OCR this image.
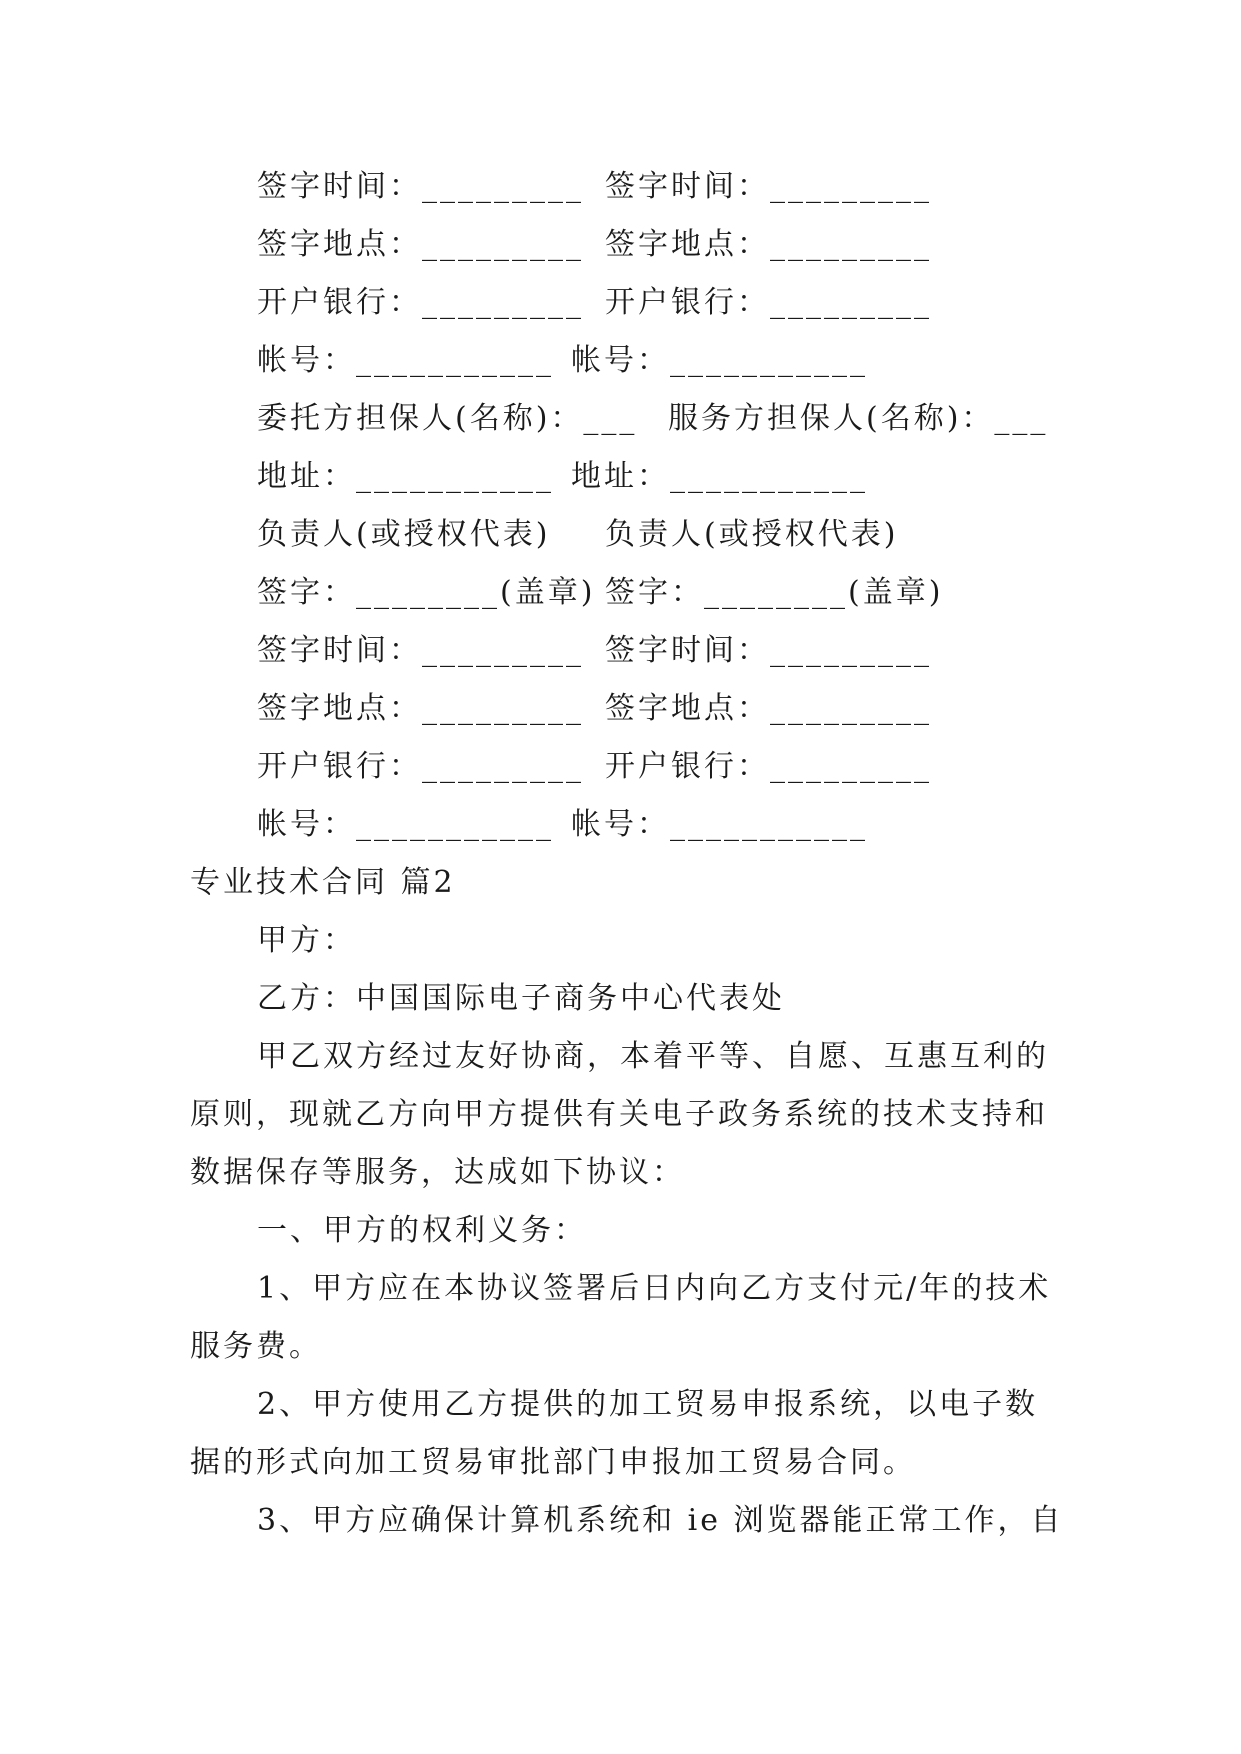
签字时间：_________ 签字时间：_________
签字地点：_________ 签字地点：_________
开户银行：_________ 开户银行：_________
帐号：___________ 帐号：___________
委托方担保人(名称)：___ 服务方担保人(名称)：___
地址：___________ 地址：___________
负责人(或授权代表) 负责人(或授权代表)
签字：________(盖章) 签字：________(盖章)
签字时间：_________ 签字时间：_________
签字地点：_________ 签字地点：_________
开户银行：_________ 开户银行：_________
帐号：___________ 帐号：___________
专业技术合同 篇2
甲方：
乙方：中国国际电子商务中心代表处
甲乙双方经过友好协商，本着平等、自愿、互惠互利的
原则，现就乙方向甲方提供有关电子政务系统的技术支持和
数据保存等服务，达成如下协议：
一、甲方的权利义务：
1、甲方应在本协议签署后日内向乙方支付元/年的技术
服务费。
2、甲方使用乙方提供的加工贸易申报系统，以电子数
据的形式向加工贸易审批部门申报加工贸易合同。
3、甲方应确保计算机系统和 ie 浏览器能正常工作，自
